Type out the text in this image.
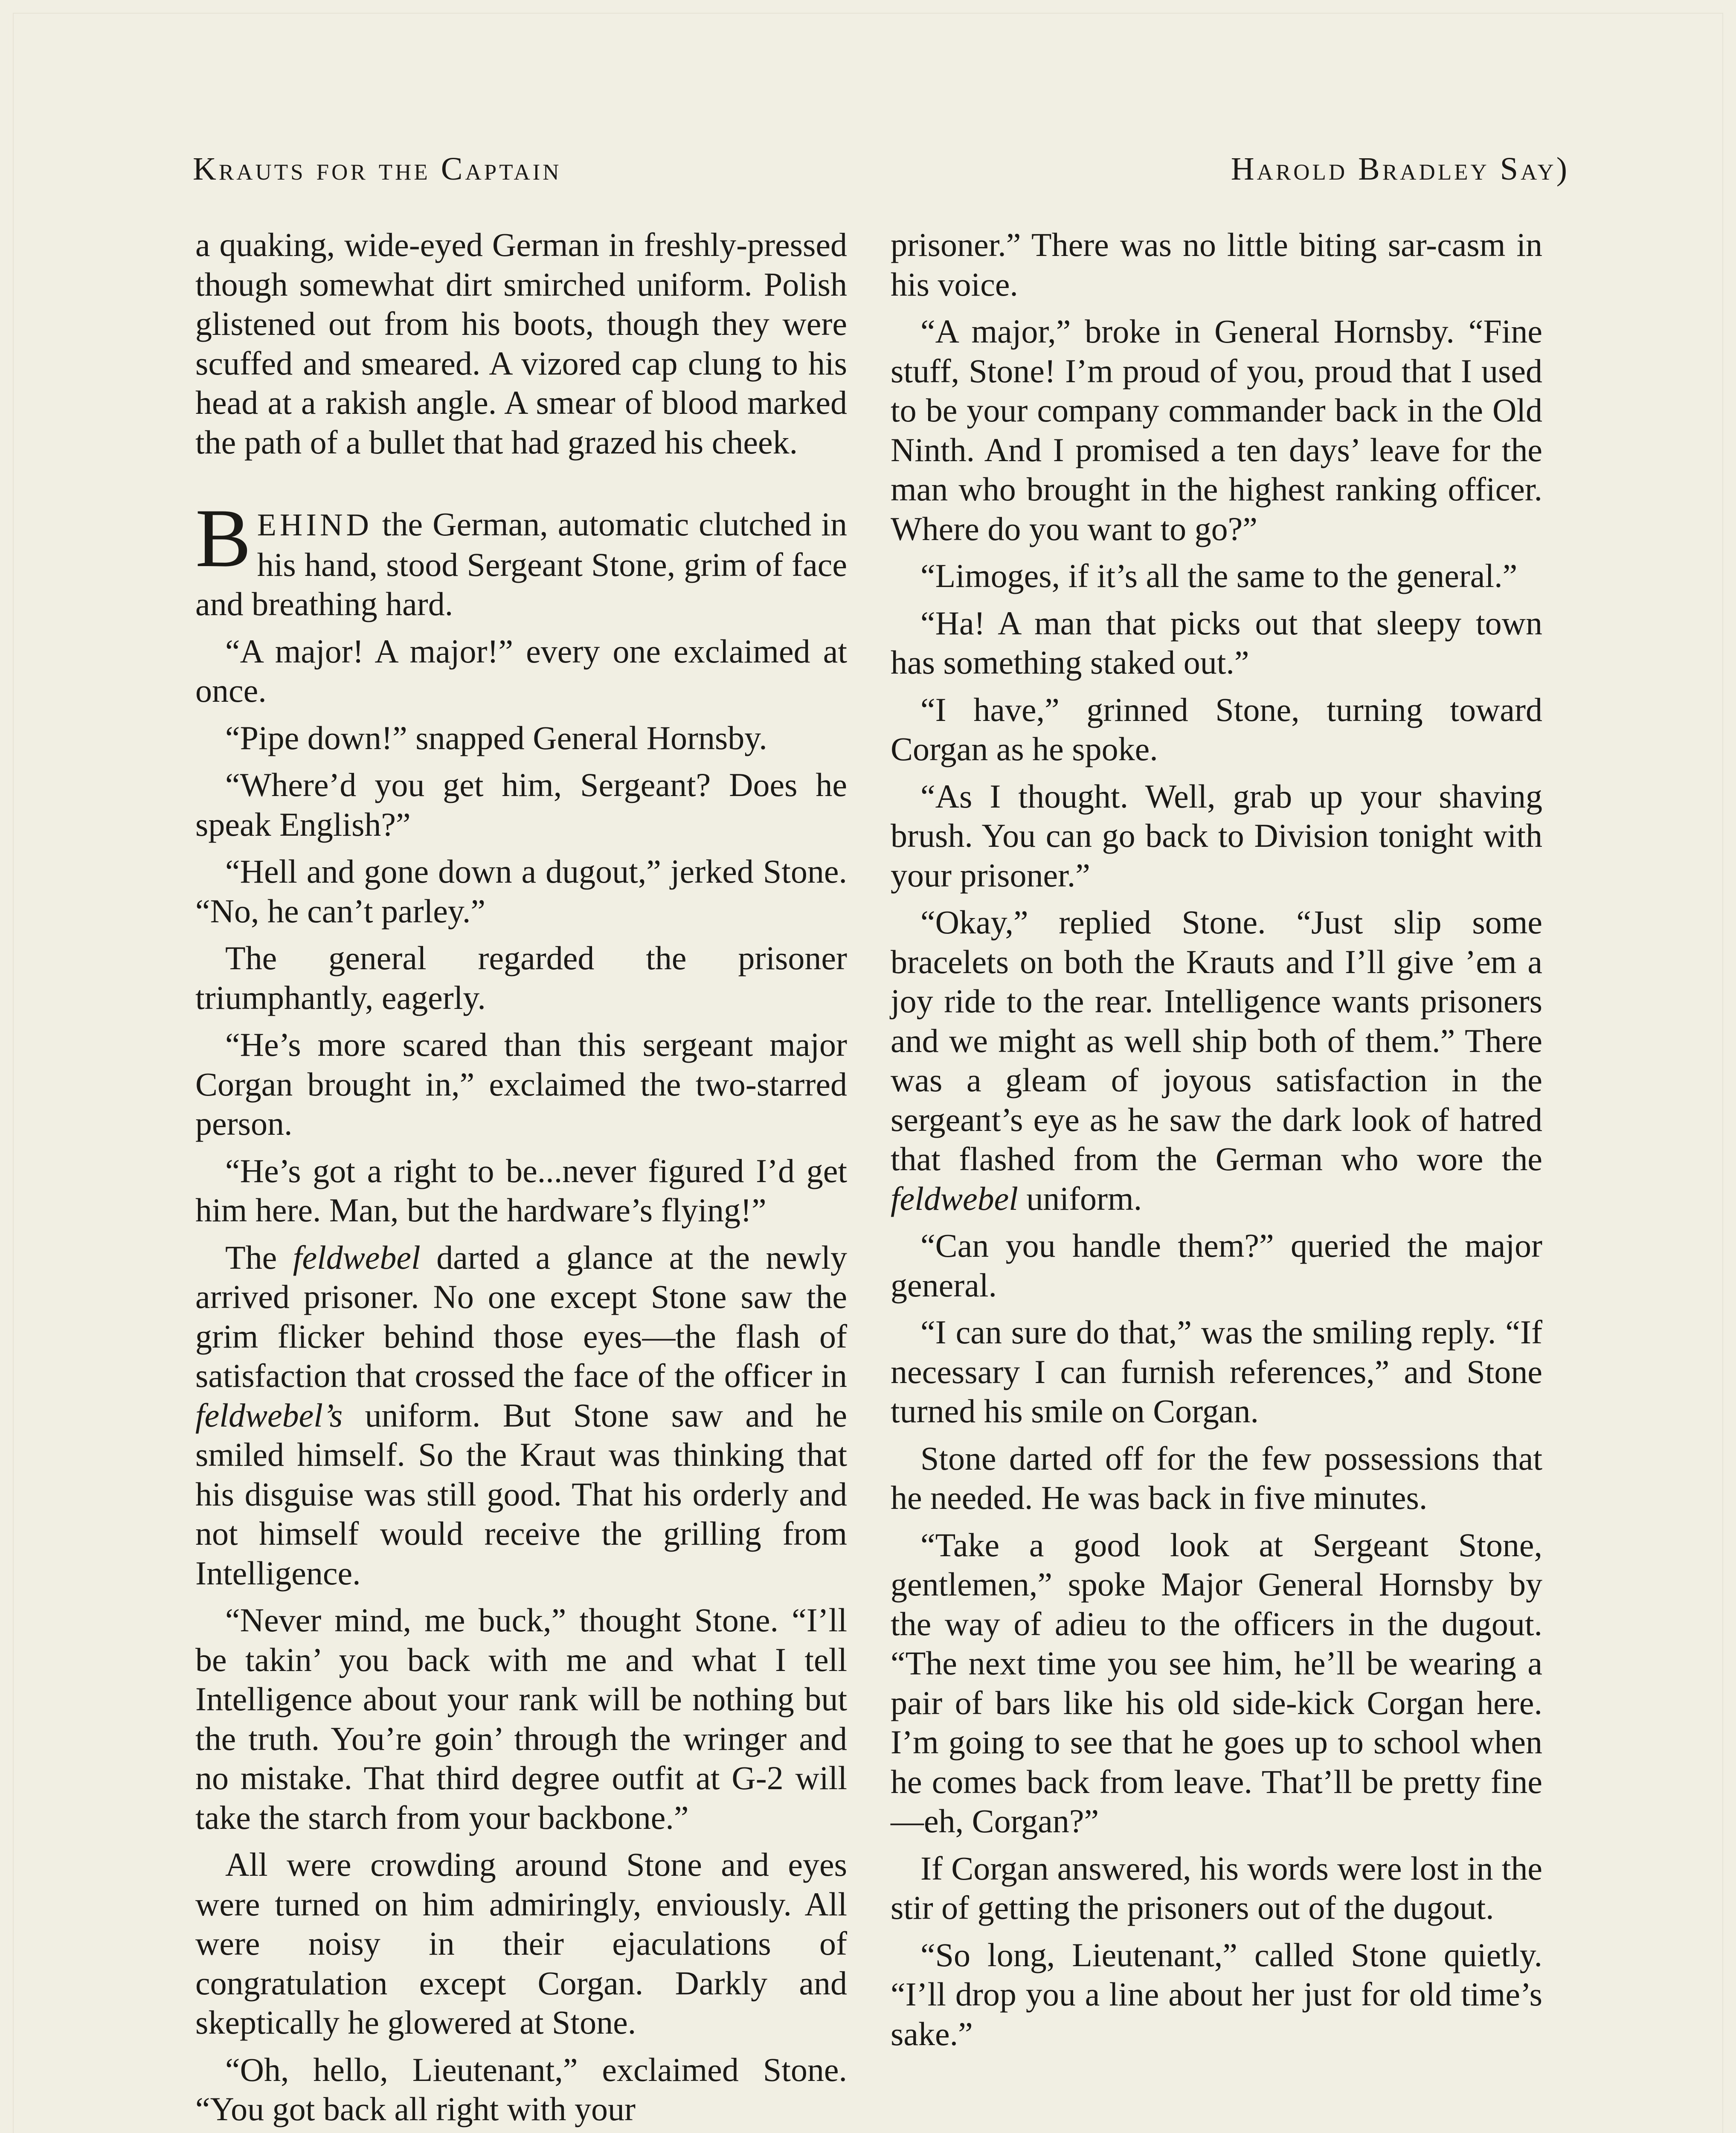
Krauts for the Captain	Harold Bradley Say)

a quaking, wide-eyed German in freshly-pressed though somewhat dirt smirched uniform. Polish glistened out from his boots, though they were scuffed and smeared. A vizored cap clung to his head at a rakish angle. A smear of blood marked the path of a bullet that had grazed his cheek.

BEHIND the German, automatic clutched in his hand, stood Sergeant Stone, grim of face and breathing hard.

“A major! A major!” every one exclaimed at once.

“Pipe down!” snapped General Hornsby.

“Where’d you get him, Sergeant? Does he speak English?”

“Hell and gone down a dugout,” jerked Stone. “No, he can’t parley.”

The general regarded the prisoner triumphantly, eagerly.

“He’s more scared than this sergeant major Corgan brought in,” exclaimed the two-starred person.

“He’s got a right to be...never figured I’d get him here. Man, but the hardware’s flying!”

The feldwebel darted a glance at the newly arrived prisoner. No one except Stone saw the grim flicker behind those eyes—the flash of satisfaction that crossed the face of the officer in feldwebel’s uniform. But Stone saw and he smiled himself. So the Kraut was thinking that his disguise was still good. That his orderly and not himself would receive the grilling from Intelligence.

“Never mind, me buck,” thought Stone. “I’ll be takin’ you back with me and what I tell Intelligence about your rank will be nothing but the truth. You’re goin’ through the wringer and no mistake. That third degree outfit at G-2 will take the starch from your backbone.”

All were crowding around Stone and eyes were turned on him admiringly, enviously. All were noisy in their ejaculations of congratulation except Corgan. Darkly and skeptically he glowered at Stone.

“Oh, hello, Lieutenant,” exclaimed Stone. “You got back all right with your

prisoner.” There was no little biting sar-casm in his voice.

“A major,” broke in General Hornsby. “Fine stuff, Stone! I’m proud of you, proud that I used to be your company commander back in the Old Ninth. And I promised a ten days’ leave for the man who brought in the highest ranking officer. Where do you want to go?”

“Limoges, if it’s all the same to the general.”

“Ha! A man that picks out that sleepy town has something staked out.”

“I have,” grinned Stone, turning toward Corgan as he spoke.

“As I thought. Well, grab up your shaving brush. You can go back to Division tonight with your prisoner.”

“Okay,” replied Stone. “Just slip some bracelets on both the Krauts and I’ll give ’em a joy ride to the rear. Intelligence wants prisoners and we might as well ship both of them.” There was a gleam of joyous satisfaction in the sergeant’s eye as he saw the dark look of hatred that flashed from the German who wore the feldwebel uniform.

“Can you handle them?” queried the major general.

“I can sure do that,” was the smiling reply. “If necessary I can furnish references,” and Stone turned his smile on Corgan.

Stone darted off for the few possessions that he needed. He was back in five minutes.

“Take a good look at Sergeant Stone, gentlemen,” spoke Major General Hornsby by the way of adieu to the officers in the dugout. “The next time you see him, he’ll be wearing a pair of bars like his old side-kick Corgan here. I’m going to see that he goes up to school when he comes back from leave. That’ll be pretty fine—eh, Corgan?”

If Corgan answered, his words were lost in the stir of getting the prisoners out of the dugout.

“So long, Lieutenant,” called Stone quietly. “I’ll drop you a line about her just for old time’s sake.”
